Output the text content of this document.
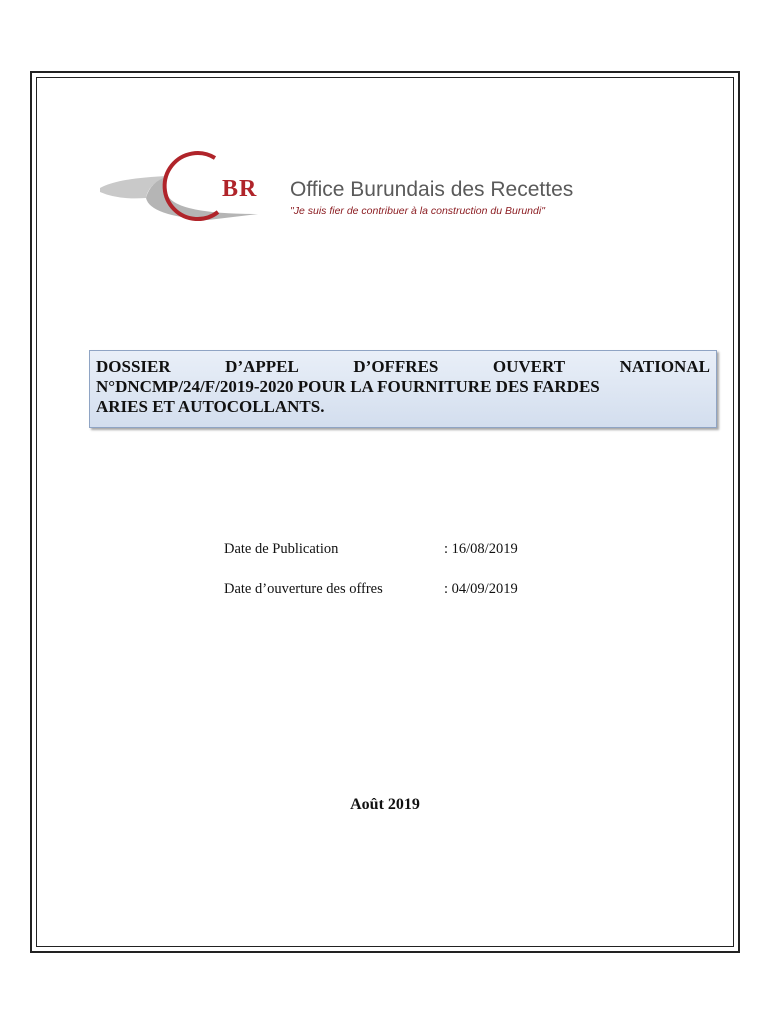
BR Office Burundais des Recettes
"Je suis fier de contribuer à la construction du Burundi"
DOSSIER	D’APPEL	D’OFFRES	OUVERT	NATIONAL
N°DNCMP/24/F/2019-2020 POUR LA FOURNITURE DES FARDES
ARIES ET AUTOCOLLANTS.
Date de Publication	: 16/08/2019
Date d’ouverture des offres	: 04/09/2019
Août 2019
